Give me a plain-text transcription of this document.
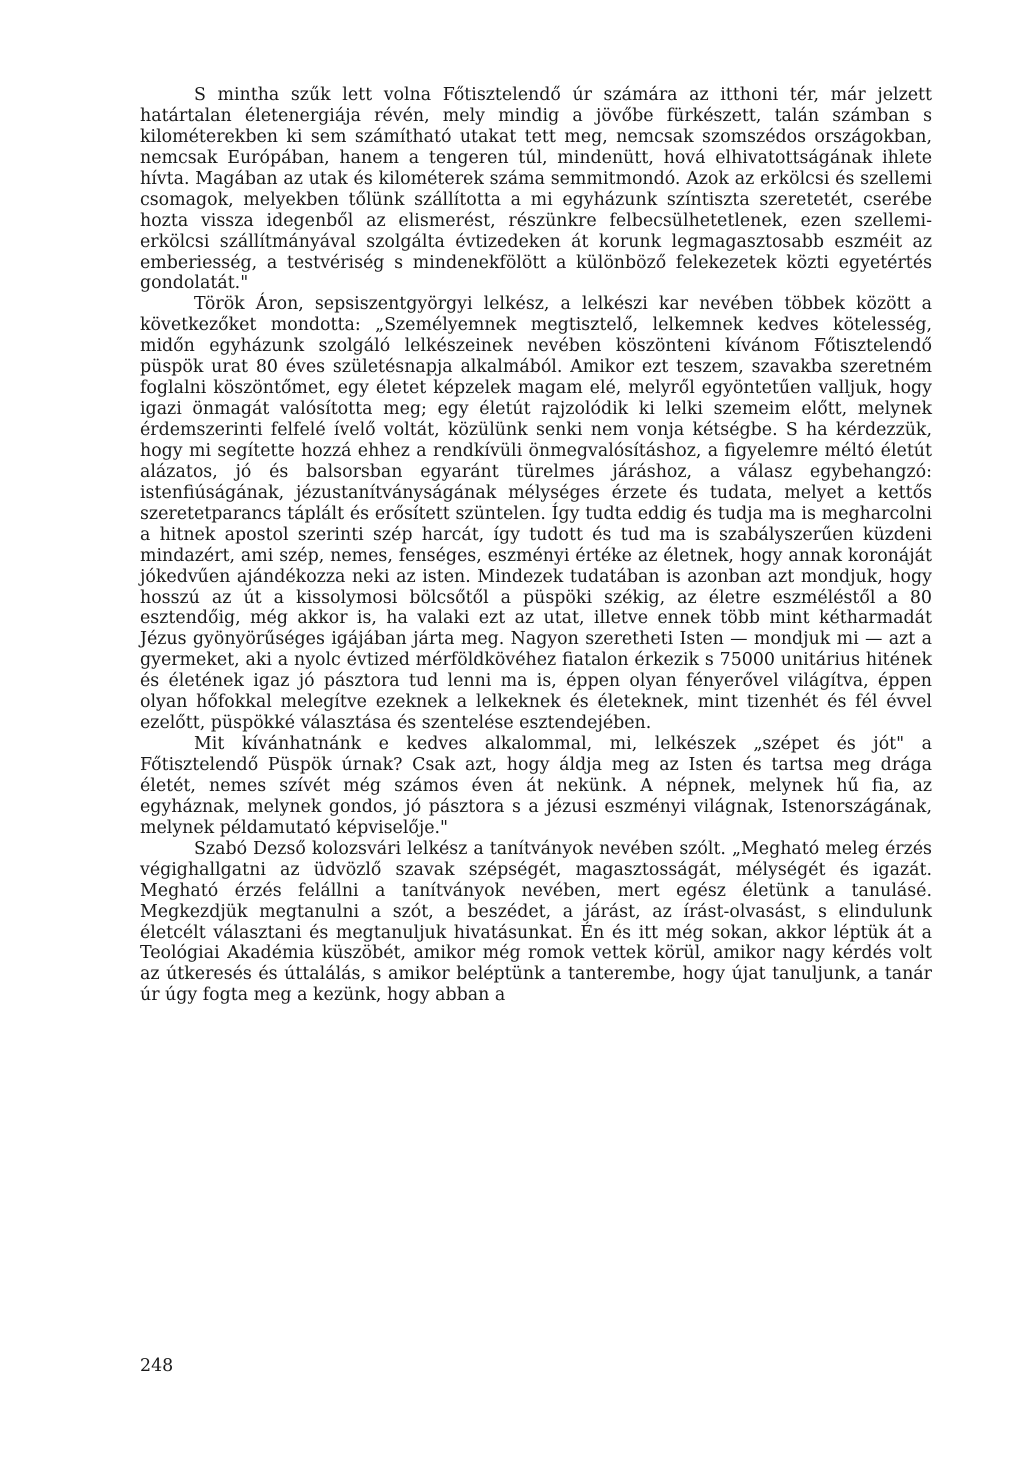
S mintha szűk lett volna Főtisztelendő úr számára az itthoni tér, már jelzett határtalan életenergiája révén, mely mindig a jövőbe fürkészett, talán számban s kilométerekben ki sem számítható utakat tett meg, nemcsak szomszédos országokban, nemcsak Európában, hanem a tengeren túl, mindenütt, hová elhivatottságának ihlete hívta. Magában az utak és kilométerek száma semmitmondó. Azok az erkölcsi és szellemi csomagok, melyekben tőlünk szállította a mi egyházunk színtiszta szeretetét, cserébe hozta vissza idegenből az elismerést, részünkre felbecsülhetetlenek, ezen szellemi-erkölcsi szállítmányával szolgálta évtizedeken át korunk legmagasztosabb eszméit az emberiesség, a testvériség s mindenekfölött a különböző felekezetek közti egyetértés gondolatát."

Török Áron, sepsiszentgyörgyi lelkész, a lelkészi kar nevében többek között a következőket mondotta: „Személyemnek megtisztelő, lelkemnek kedves kötelesség, midőn egyházunk szolgáló lelkészeinek nevében köszönteni kívánom Főtisztelendő püspök urat 80 éves születésnapja alkalmából. Amikor ezt teszem, szavakba szeretném foglalni köszöntőmet, egy életet képzelek magam elé, melyről egyöntetűen valljuk, hogy igazi önmagát valósította meg; egy életút rajzolódik ki lelki szemeim előtt, melynek érdemszerinti felfelé ívelő voltát, közülünk senki nem vonja kétségbe. S ha kérdezzük, hogy mi segítette hozzá ehhez a rendkívüli önmegvalósításhoz, a figyelemre méltó életút alázatos, jó és balsorsban egyaránt türelmes járáshoz, a válasz egybehangzó: istenfiúságának, jézustanítványságának mélységes érzete és tudata, melyet a kettős szeretetparancs táplált és erősített szüntelen. Így tudta eddig és tudja ma is megharcolni a hitnek apostol szerinti szép harcát, így tudott és tud ma is szabályszerűen küzdeni mindazért, ami szép, nemes, fenséges, eszményi értéke az életnek, hogy annak koronáját jókedvűen ajándékozza neki az isten. Mindezek tudatában is azonban azt mondjuk, hogy hosszú az út a kissolymosi bölcsőtől a püspöki székig, az életre eszméléstől a 80 esztendőig, még akkor is, ha valaki ezt az utat, illetve ennek több mint kétharmadát Jézus gyönyörűséges igájában járta meg. Nagyon szeretheti Isten — mondjuk mi — azt a gyermeket, aki a nyolc évtized mérföldkövéhez fiatalon érkezik s 75000 unitárius hitének és életének igaz jó pásztora tud lenni ma is, éppen olyan fényerővel világítva, éppen olyan hőfokkal melegítve ezeknek a lelkeknek és életeknek, mint tizenhét és fél évvel ezelőtt, püspökké választása és szentelése esztendejében.

Mit kívánhatnánk e kedves alkalommal, mi, lelkészek „szépet és jót" a Főtisztelendő Püspök úrnak? Csak azt, hogy áldja meg az Isten és tartsa meg drága életét, nemes szívét még számos éven át nekünk. A népnek, melynek hű fia, az egyháznak, melynek gondos, jó pásztora s a jézusi eszményi világnak, Istenországának, melynek példamutató képviselője."

Szabó Dezső kolozsvári lelkész a tanítványok nevében szólt. „Megható meleg érzés végighallgatni az üdvözlő szavak szépségét, magasztosságát, mélységét és igazát. Megható érzés felállni a tanítványok nevében, mert egész életünk a tanulásé. Megkezdjük megtanulni a szót, a beszédet, a járást, az írást-olvasást, s elindulunk életcélt választani és megtanuljuk hivatásunkat. Én és itt még sokan, akkor léptük át a Teológiai Akadémia küszöbét, amikor még romok vettek körül, amikor nagy kérdés volt az útkeresés és úttalálás, s amikor beléptünk a tanterembe, hogy újat tanuljunk, a tanár úr úgy fogta meg a kezünk, hogy abban a

248
